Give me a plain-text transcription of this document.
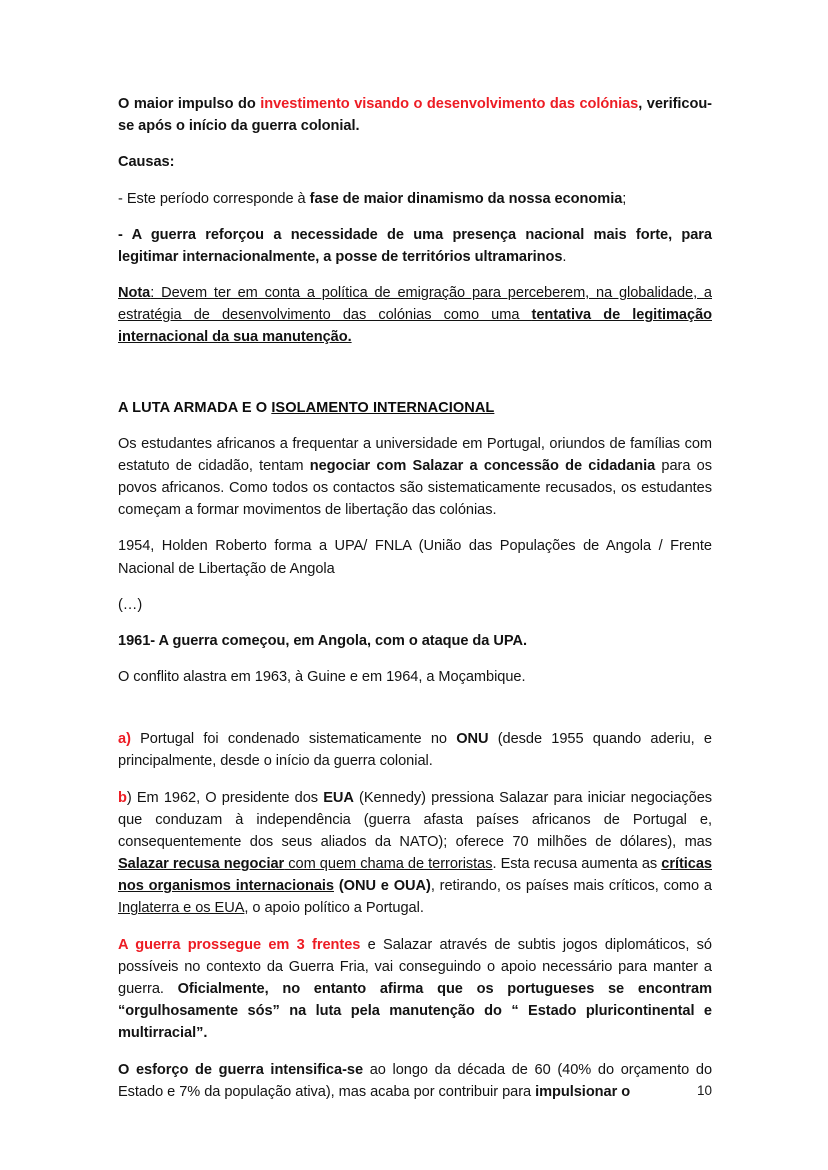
O maior impulso do investimento visando o desenvolvimento das colónias, verificou-se após o início da guerra colonial.

Causas:

- Este período corresponde à fase de maior dinamismo da nossa economia;

- A guerra reforçou a necessidade de uma presença nacional mais forte, para legitimar internacionalmente, a posse de territórios ultramarinos.

Nota: Devem ter em conta a política de emigração para perceberem, na globalidade, a estratégia de desenvolvimento das colónias como uma tentativa de legitimação internacional da sua manutenção.

A LUTA ARMADA E O ISOLAMENTO INTERNACIONAL

Os estudantes africanos a frequentar a universidade em Portugal, oriundos de famílias com estatuto de cidadão, tentam negociar com Salazar a concessão de cidadania para os povos africanos. Como todos os contactos são sistematicamente recusados, os estudantes começam a formar movimentos de libertação das colónias.

1954, Holden Roberto forma a UPA/ FNLA (União das Populações de Angola / Frente Nacional de Libertação de Angola

(…)

1961- A guerra começou, em Angola, com o ataque da UPA.

O conflito alastra em 1963, à Guine e em 1964, a Moçambique.

a) Portugal foi condenado sistematicamente no ONU (desde 1955 quando aderiu, e principalmente, desde o início da guerra colonial.

b) Em 1962, O presidente dos EUA (Kennedy) pressiona Salazar para iniciar negociações que conduzam à independência (guerra afasta países africanos de Portugal e, consequentemente dos seus aliados da NATO); oferece 70 milhões de dólares), mas Salazar recusa negociar com quem chama de terroristas. Esta recusa aumenta as críticas nos organismos internacionais (ONU e OUA), retirando, os países mais críticos, como a Inglaterra e os EUA, o apoio político a Portugal.

A guerra prossegue em 3 frentes e Salazar através de subtis jogos diplomáticos, só possíveis no contexto da Guerra Fria, vai conseguindo o apoio necessário para manter a guerra. Oficialmente, no entanto afirma que os portugueses se encontram “orgulhosamente sós” na luta pela manutenção do “ Estado pluricontinental e multirracial”.

O esforço de guerra intensifica-se ao longo da década de 60 (40% do orçamento do Estado e 7% da população ativa), mas acaba por contribuir para impulsionar o	10
